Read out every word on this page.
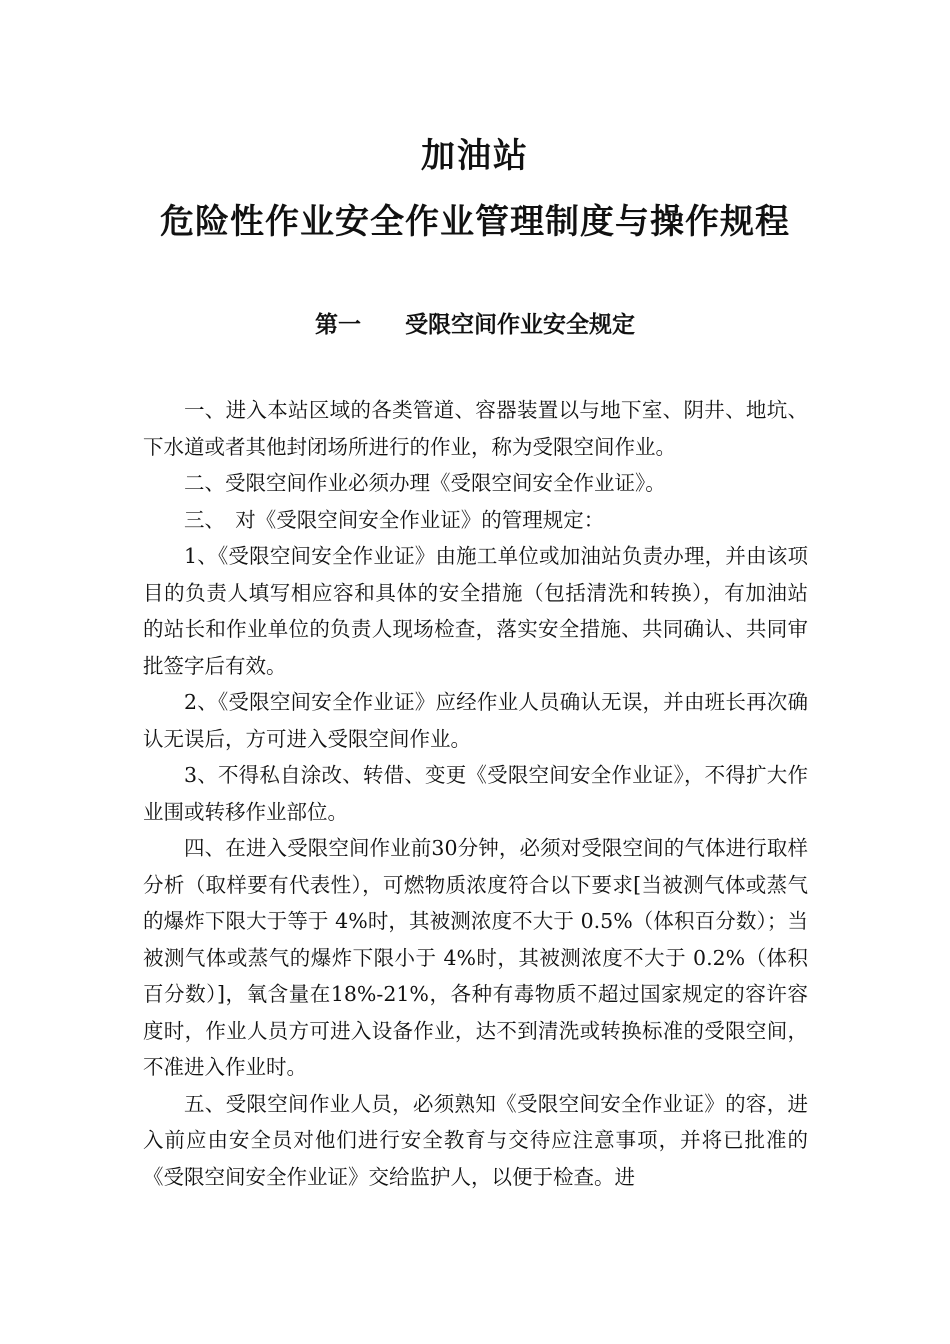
加油站
危险性作业安全作业管理制度与操作规程
第一 受限空间作业安全规定

一、进入本站区域的各类管道、容器装置以与地下室、阴井、地坑、下水道或者其他封闭场所进行的作业，称为受限空间作业。

二、受限空间作业必须办理《受限空间安全作业证》。

三、　对《受限空间安全作业证》的管理规定：

1、《受限空间安全作业证》由施工单位或加油站负责办理，并由该项目的负责人填写相应容和具体的安全措施（包括清洗和转换），有加油站的站长和作业单位的负责人现场检查，落实安全措施、共同确认、共同审批签字后有效。

2、《受限空间安全作业证》应经作业人员确认无误，并由班长再次确认无误后，方可进入受限空间作业。

3、不得私自涂改、转借、变更《受限空间安全作业证》，不得扩大作业围或转移作业部位。

四、在进入受限空间作业前30分钟，必须对受限空间的气体进行取样分析（取样要有代表性），可燃物质浓度符合以下要求[当被测气体或蒸气的爆炸下限大于等于 4%时，其被测浓度不大于 0.5%（体积百分数）；当被测气体或蒸气的爆炸下限小于 4%时，其被测浓度不大于 0.2%（体积百分数）]，氧含量在18%-21%，各种有毒物质不超过国家规定的容许容度时，作业人员方可进入设备作业，达不到清洗或转换标准的受限空间，不准进入作业时。

五、受限空间作业人员，必须熟知《受限空间安全作业证》的容，进入前应由安全员对他们进行安全教育与交待应注意事项，并将已批准的《受限空间安全作业证》交给监护人，以便于检查。进
